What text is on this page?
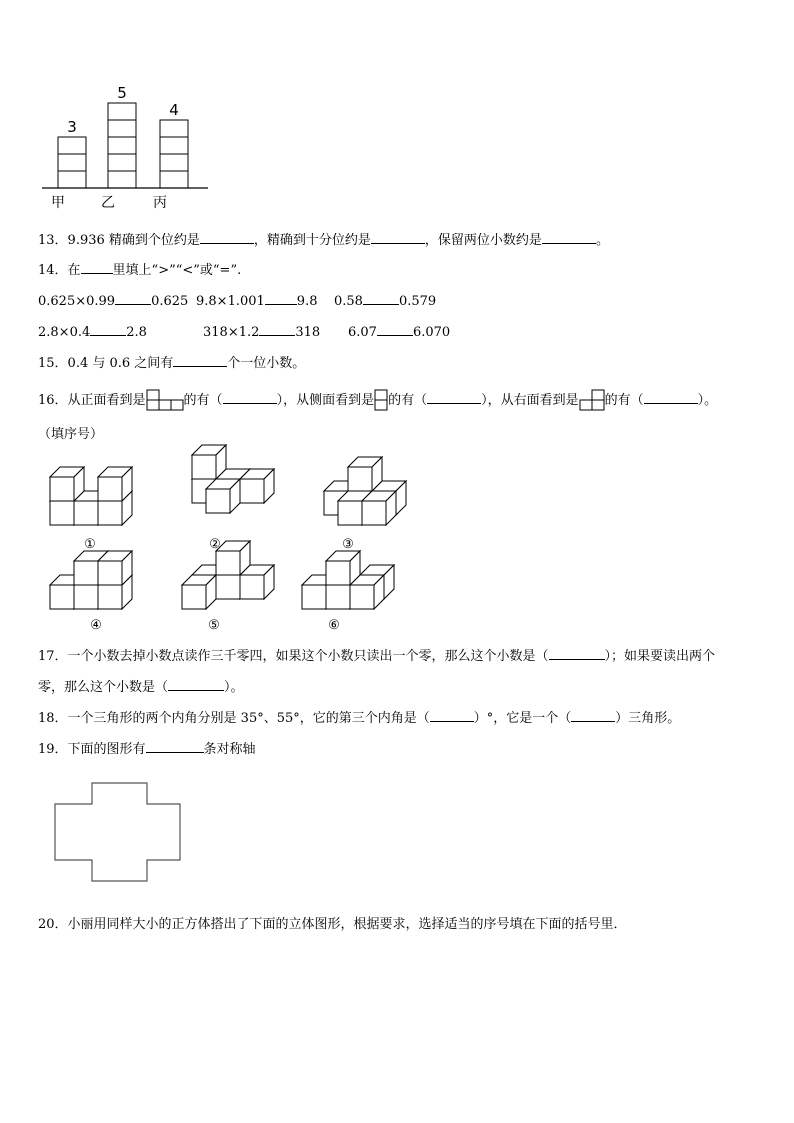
3
甲
5
乙
4
丙
13．9.936 精确到个位约是	，精确到十分位约是	，保留两位小数约是	。
14．在 里填上“>”“<”或“=”.
0.625×0.99	0.625 9.8×1.001 9.8 0.58	0.579
2.8×0.4	2.8	318×1.2	318 6.07	6.070
15．0.4 与 0.6 之间有	个一位小数。
16．从正面看到是	的有（	），从侧面看到是 的有（	），从右面看到是 的有（	）。
（填序号）
①	②	③
④	⑤	⑥
17．一个小数去掉小数点读作三千零四，如果这个小数只读出一个零，那么这个小数是（	）；如果要读出两个
零，那么这个小数是（	）。
18．一个三角形的两个内角分别是 35°、55°，它的第三个内角是（	）°，它是一个（	）三角形。
19．下面的图形有	条对称轴
20．小丽用同样大小的正方体搭出了下面的立体图形，根据要求，选择适当的序号填在下面的括号里．
